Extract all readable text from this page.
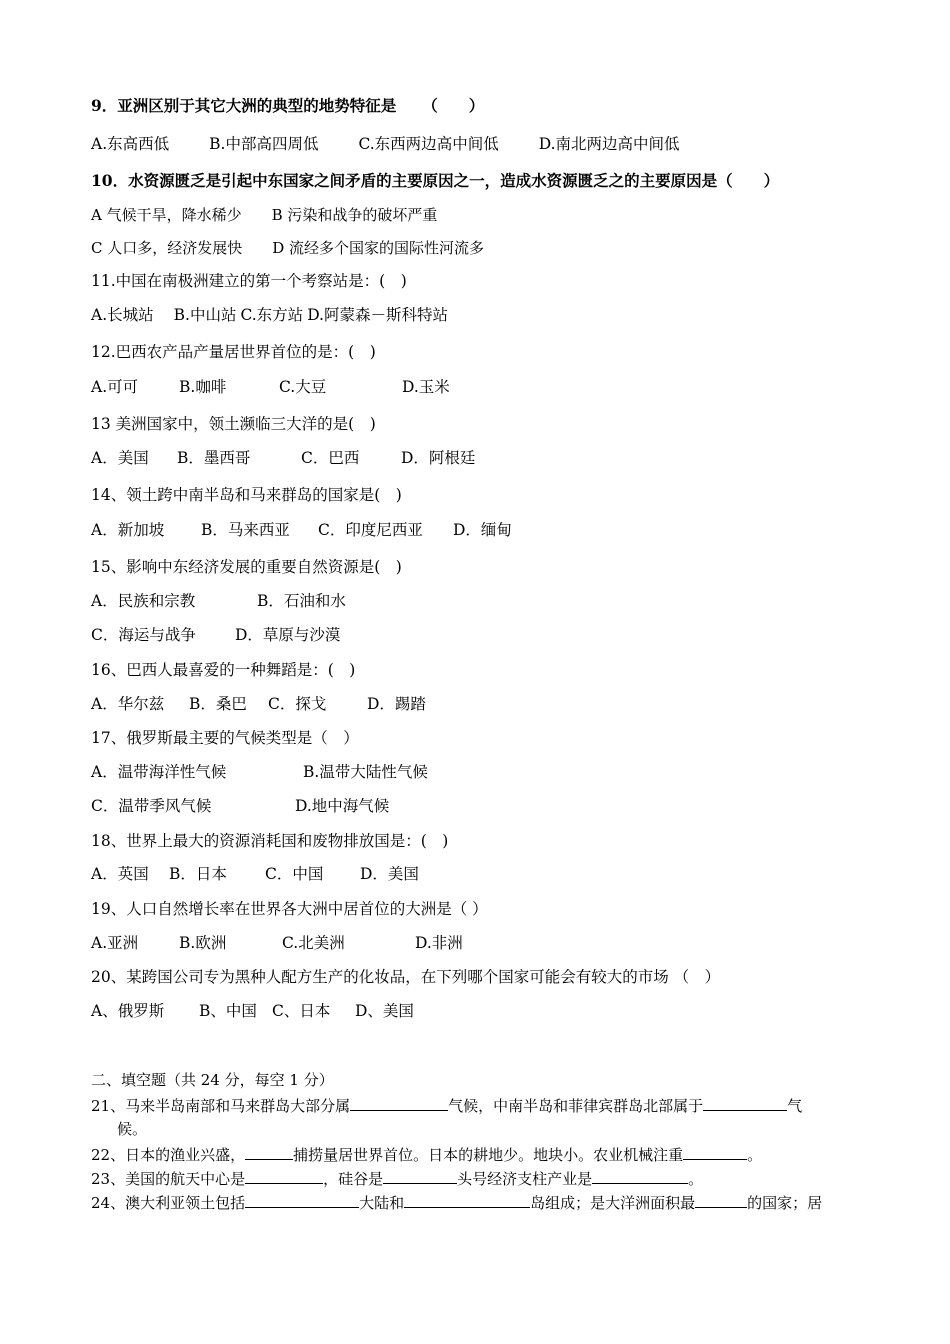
9．亚洲区别于其它大洲的典型的地势特征是 （　　）
A.东高西低	B.中部高四周低	C.东西两边高中间低	D.南北两边高中间低
10．水资源匮乏是引起中东国家之间矛盾的主要原因之一，造成水资源匮乏之的主要原因是（　　）
A 气候干旱，降水稀少 B 污染和战争的破坏严重
C 人口多，经济发展快 D 流经多个国家的国际性河流多
11.中国在南极洲建立的第一个考察站是：(　)
A.长城站 B.中山站 C.东方站 D.阿蒙森－斯科特站
12.巴西农产品产量居世界首位的是：(　)
A.可可	B.咖啡	C.大豆	D.玉米
13 美洲国家中，领土濒临三大洋的是(　)
A．美国 B．墨西哥	C．巴西	D．阿根廷
14、领土跨中南半岛和马来群岛的国家是(　)
A．新加坡 B．马来西亚 C．印度尼西亚 D．缅甸
15、影响中东经济发展的重要自然资源是(　)
A．民族和宗教	B．石油和水
C．海运与战争	D．草原与沙漠
16、巴西人最喜爱的一种舞蹈是：(　)
A．华尔兹 B．桑巴 C．探戈	D．踢踏
17、俄罗斯最主要的气候类型是（　）
A．温带海洋性气候	B.温带大陆性气候
C．温带季风气候	D.地中海气候
18、世界上最大的资源消耗国和废物排放国是：(　)
A．英国 B．日本 C．中国 D．美国
19、人口自然增长率在世界各大洲中居首位的大洲是（ ）
A.亚洲	B.欧洲	C.北美洲	D.非洲
20、某跨国公司专为黑种人配方生产的化妆品，在下列哪个国家可能会有较大的市场 （　）
A、俄罗斯 B、中国 C、日本 D、美国
二、填空题（共 24 分，每空 1 分）
21、马来半岛南部和马来群岛大部分属	气候，中南半岛和菲律宾群岛北部属于	气
候。
22、日本的渔业兴盛，	捕捞量居世界首位。日本的耕地少。地块小。农业机械注重	。
23、美国的航天中心是	，硅谷是	头号经济支柱产业是	。
24、澳大利亚领土包括	大陆和	岛组成；是大洋洲面积最	的国家；居
